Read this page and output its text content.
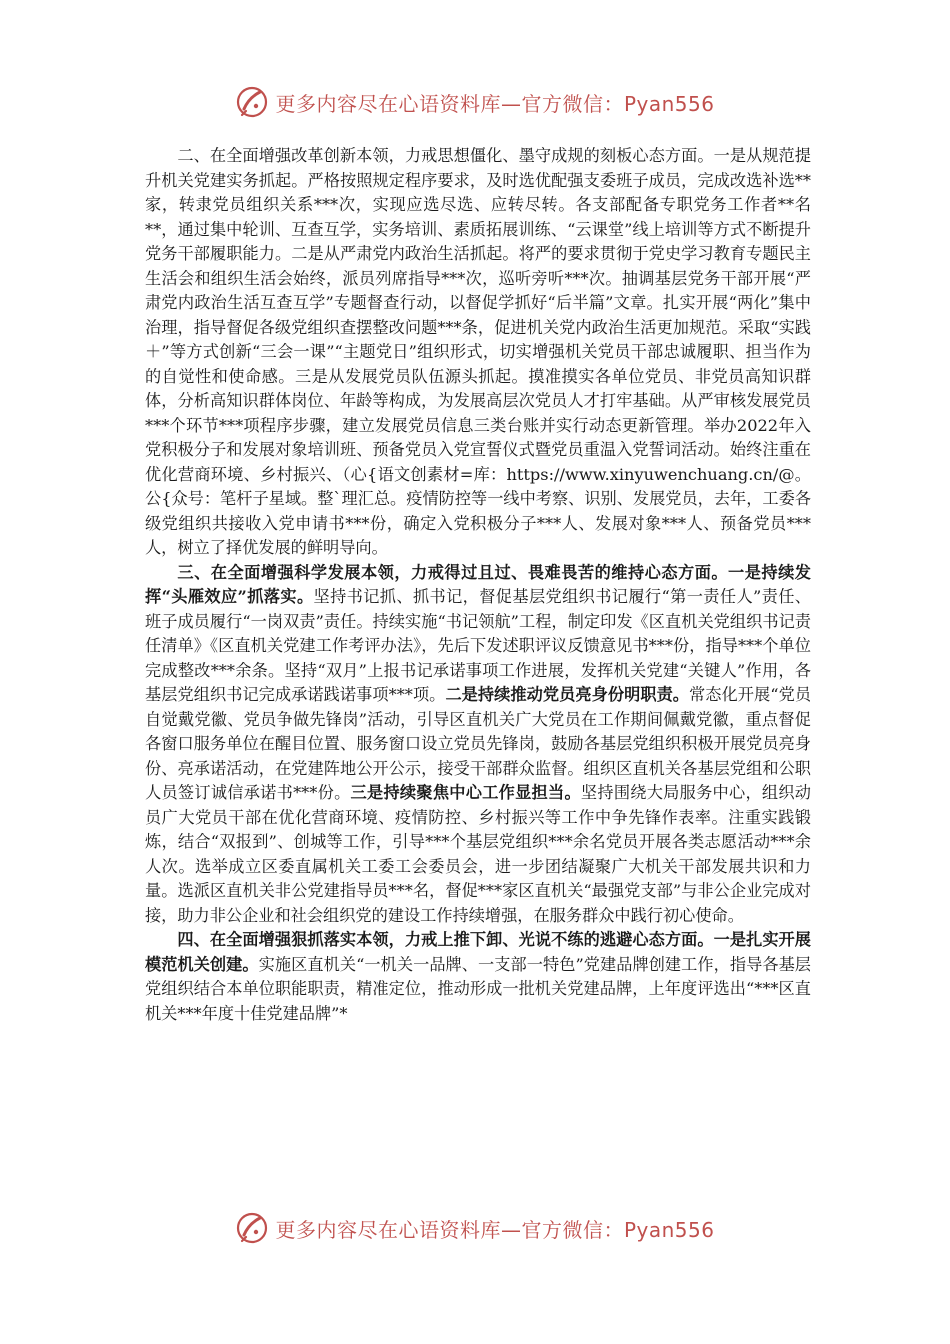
更多内容尽在心语资料库—官方微信：Pyan556

二、在全面增强改革创新本领，力戒思想僵化、墨守成规的刻板心态方面。一是从规范提升机关党建实务抓起。严格按照规定程序要求，及时选优配强支委班子成员，完成改选补选**家，转隶党员组织关系***次，实现应选尽选、应转尽转。各支部配备专职党务工作者**名**，通过集中轮训、互查互学，实务培训、素质拓展训练、“云课堂”线上培训等方式不断提升党务干部履职能力。二是从严肃党内政治生活抓起。将严的要求贯彻于党史学习教育专题民主生活会和组织生活会始终，派员列席指导***次，巡听旁听***次。抽调基层党务干部开展“严肃党内政治生活互查互学”专题督查行动，以督促学抓好“后半篇”文章。扎实开展“两化”集中治理，指导督促各级党组织查摆整改问题***条，促进机关党内政治生活更加规范。采取“实践＋”等方式创新“三会一课”“主题党日”组织形式，切实增强机关党员干部忠诚履职、担当作为的自觉性和使命感。三是从发展党员队伍源头抓起。摸准摸实各单位党员、非党员高知识群体，分析高知识群体岗位、年龄等构成，为发展高层次党员人才打牢基础。从严审核发展党员***个环节***项程序步骤，建立发展党员信息三类台账并实行动态更新管理。举办2022年入党积极分子和发展对象培训班、预备党员入党宣誓仪式暨党员重温入党誓词活动。始终注重在优化营商环境、乡村振兴、（心{语文创素材=库：https://www.xinyuwenchuang.cn/@。公{众号：笔杆子星域。整`理汇总。疫情防控等一线中考察、识别、发展党员，去年，工委各级党组织共接收入党申请书***份，确定入党积极分子***人、发展对象***人、预备党员***人，树立了择优发展的鲜明导向。

三、在全面增强科学发展本领，力戒得过且过、畏难畏苦的维持心态方面。一是持续发挥“头雁效应”抓落实。坚持书记抓、抓书记，督促基层党组织书记履行“第一责任人”责任、班子成员履行“一岗双责”责任。持续实施“书记领航”工程，制定印发《区直机关党组织书记责任清单》《区直机关党建工作考评办法》，先后下发述职评议反馈意见书***份，指导***个单位完成整改***余条。坚持“双月”上报书记承诺事项工作进展，发挥机关党建“关键人”作用，各基层党组织书记完成承诺践诺事项***项。二是持续推动党员亮身份明职责。常态化开展“党员自觉戴党徽、党员争做先锋岗”活动，引导区直机关广大党员在工作期间佩戴党徽，重点督促各窗口服务单位在醒目位置、服务窗口设立党员先锋岗，鼓励各基层党组织积极开展党员亮身份、亮承诺活动，在党建阵地公开公示，接受干部群众监督。组织区直机关各基层党组和公职人员签订诚信承诺书***份。三是持续聚焦中心工作显担当。坚持围绕大局服务中心，组织动员广大党员干部在优化营商环境、疫情防控、乡村振兴等工作中争先锋作表率。注重实践锻炼，结合“双报到”、创城等工作，引导***个基层党组织***余名党员开展各类志愿活动***余人次。选举成立区委直属机关工委工会委员会，进一步团结凝聚广大机关干部发展共识和力量。选派区直机关非公党建指导员***名，督促***家区直机关“最强党支部”与非公企业完成对接，助力非公企业和社会组织党的建设工作持续增强，在服务群众中践行初心使命。

四、在全面增强狠抓落实本领，力戒上推下卸、光说不练的逃避心态方面。一是扎实开展模范机关创建。实施区直机关“一机关一品牌、一支部一特色”党建品牌创建工作，指导各基层党组织结合本单位职能职责，精准定位，推动形成一批机关党建品牌，上年度评选出“***区直机关***年度十佳党建品牌”*

更多内容尽在心语资料库—官方微信：Pyan556
